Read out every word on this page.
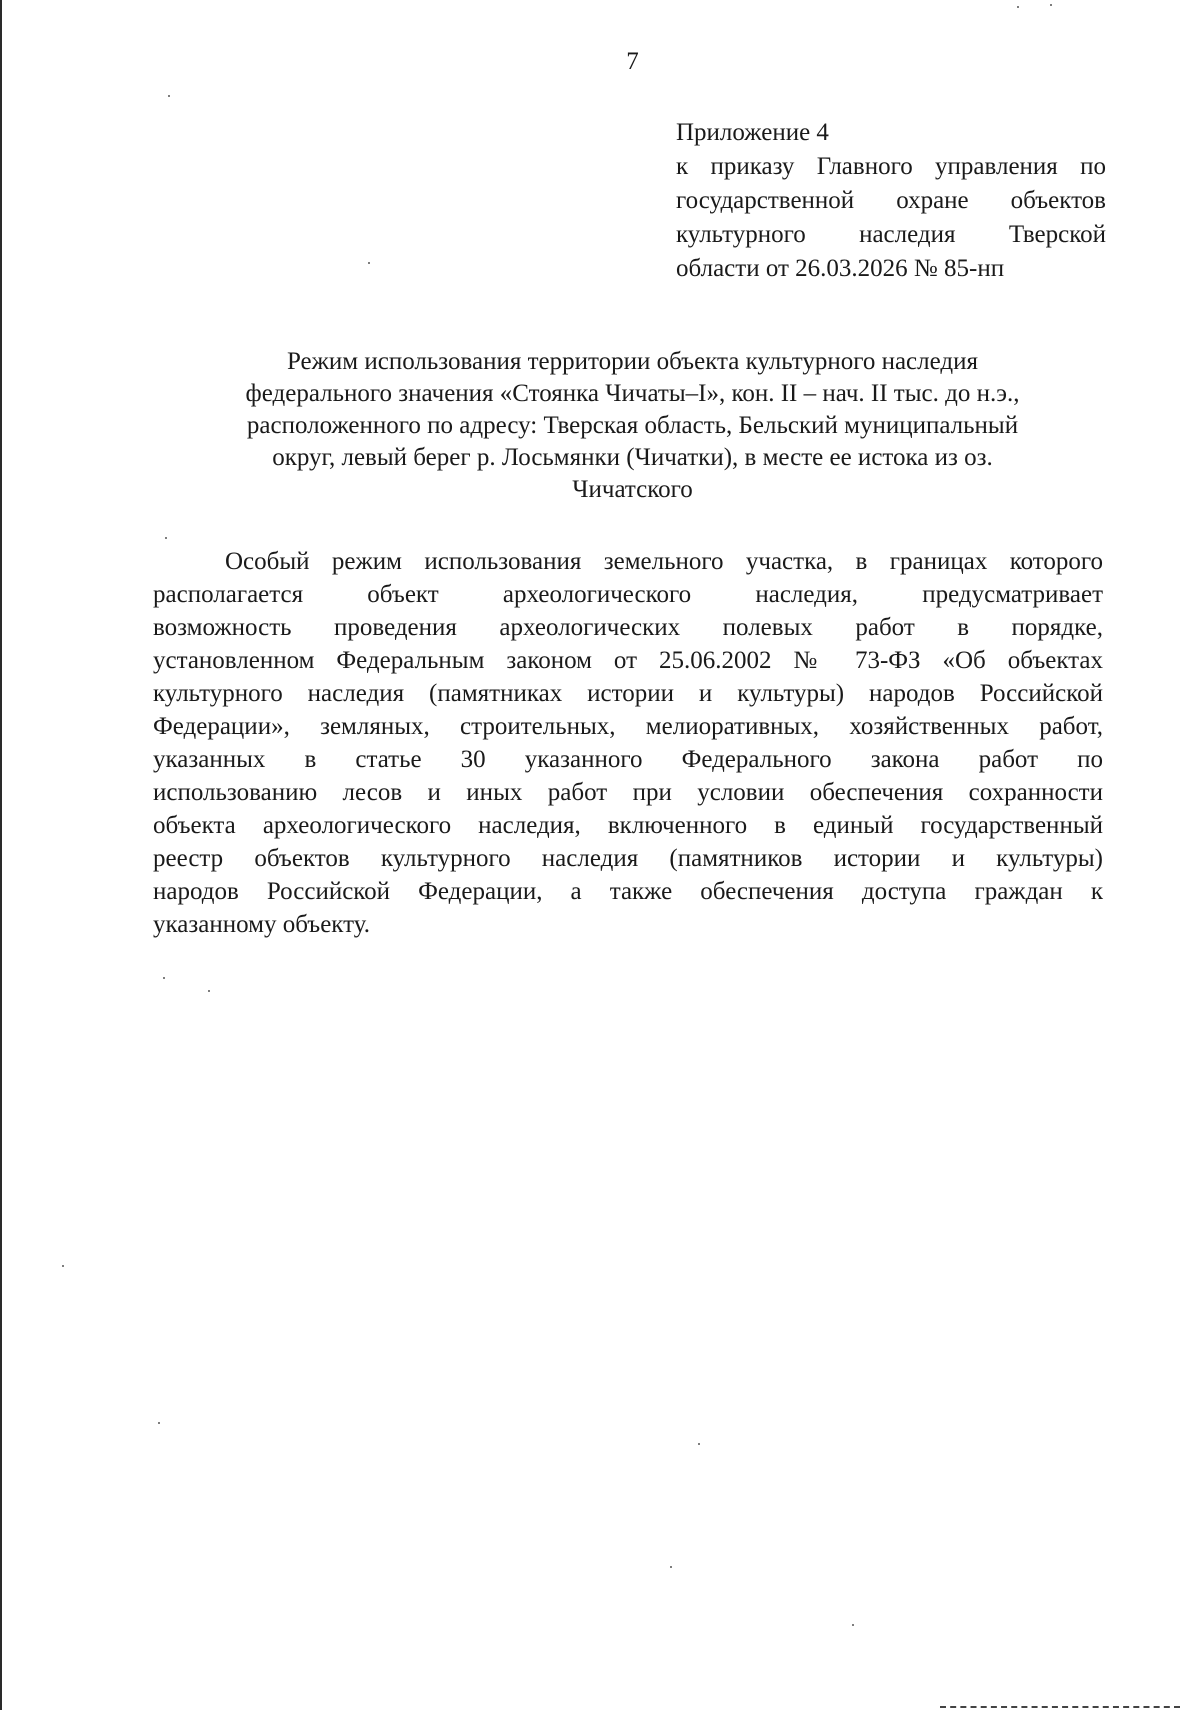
7
Приложение 4
к приказу Главного управления по
государственной охране объектов
культурного наследия Тверской
области от 26.03.2026 № 85-нп
Режим использования территории объекта культурного наследия
федерального значения «Стоянка Чичаты–I», кон. II – нач. II тыс. до н.э.,
расположенного по адресу: Тверская область, Бельский муниципальный
округ, левый берег р. Лосьмянки (Чичатки), в месте ее истока из оз.
Чичатского
Особый режим использования земельного участка, в границах которого
располагается объект археологического наследия, предусматривает
возможность проведения археологических полевых работ в порядке,
установленном Федеральным законом от 25.06.2002 № 73-ФЗ «Об объектах
культурного наследия (памятниках истории и культуры) народов Российской
Федерации», земляных, строительных, мелиоративных, хозяйственных работ,
указанных в статье 30 указанного Федерального закона работ по
использованию лесов и иных работ при условии обеспечения сохранности
объекта археологического наследия, включенного в единый государственный
реестр объектов культурного наследия (памятников истории и культуры)
народов Российской Федерации, а также обеспечения доступа граждан к
указанному объекту.
